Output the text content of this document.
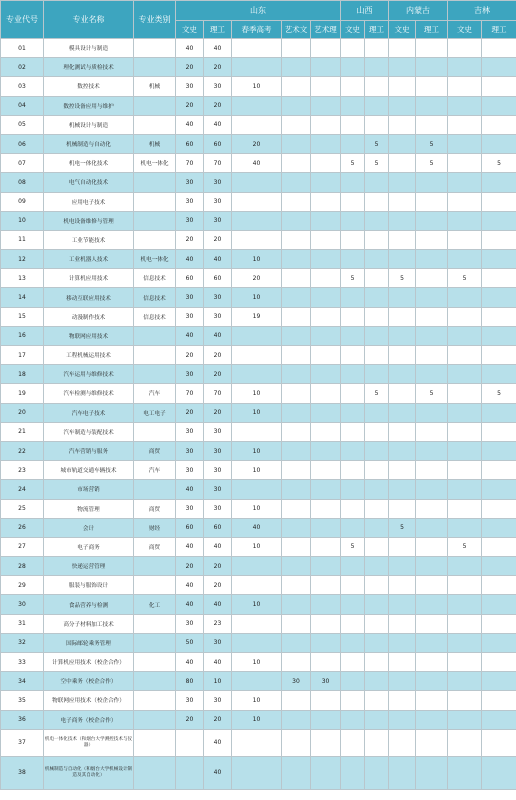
专业代号	专业名称	专业类别	山东					山西		内蒙古		吉林	
			文史	理工	春季高考	艺术文	艺术理	文史	理工	文史	理工	文史	理工
01	模具设计与制造		40	40									
02	理化测试与质检技术		20	20									
03	数控技术	机械	30	30	10								
04	数控设备应用与维护		20	20									
05	机械设计与制造		40	40									
06	机械制造与自动化	机械	60	60	20				5		5		
07	机电一体化技术	机电一体化	70	70	40			5	5		5		5
08	电气自动化技术		30	30									
09	应用电子技术		30	30									
10	机电设备维修与管理		30	30									
11	工业节能技术		20	20									
12	工业机器人技术	机电一体化	40	40	10								
13	计算机应用技术	信息技术	60	60	20			5		5		5	
14	移动互联应用技术	信息技术	30	30	10								
15	动漫制作技术	信息技术	30	30	19								
16	物联网应用技术		40	40									
17	工程机械运用技术		20	20									
18	汽车运用与维修技术		30	20									
19	汽车检测与维修技术	汽车	70	70	10				5		5		5
20	汽车电子技术	电工电子	20	20	10								
21	汽车制造与装配技术		30	30									
22	汽车营销与服务	商贸	30	30	10								
23	城市轨道交通车辆技术	汽车	30	30	10								
24	市场营销		40	30									
25	物流管理	商贸	30	30	10								
26	会计	财经	60	60	40					5			
27	电子商务	商贸	40	40	10			5				5	
28	快递运营管理		20	20									
29	服装与服饰设计		40	20									
30	食品营养与检测	化工	40	40	10								
31	高分子材料加工技术		30	23									
32	国际邮轮乘务管理		50	30									
33	计算机应用技术（校企合作）		40	40	10								
34	空中乘务（校企合作）		80	10		30	30						
35	物联网应用技术（校企合作）		30	30	10								
36	电子商务（校企合作）		20	20	10								
37	机电一体化技术（和烟台大学测控技术与仪器）			40									
38	机械制造与自动化（和烟台大学机械设计制造及其自动化）			40									
